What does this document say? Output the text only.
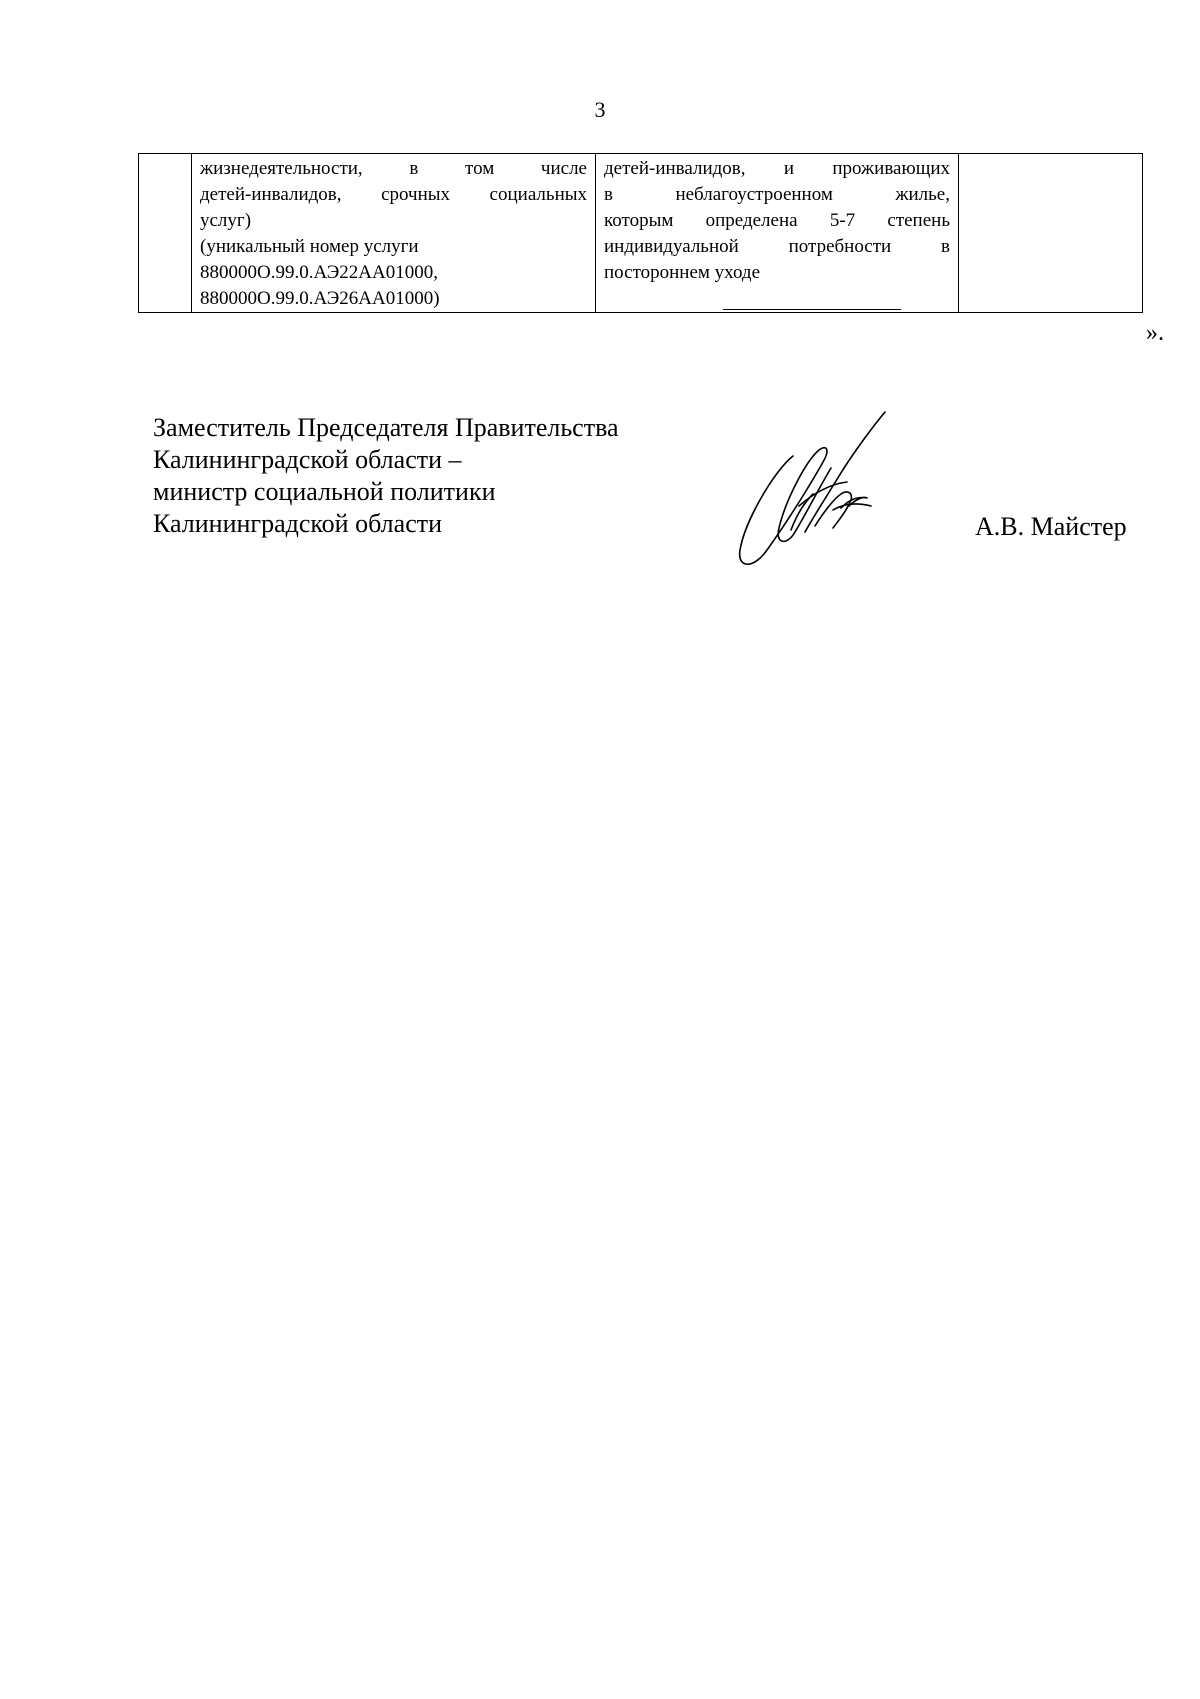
3

жизнедеятельности, в том числе
детей-инвалидов, срочных социальных
услуг)
(уникальный номер услуги
880000О.99.0.АЭ22АА01000,
880000О.99.0.АЭ26АА01000)

детей-инвалидов, и проживающих
в неблагоустроенном жилье,
которым определена 5-7 степень
индивидуальной потребности в
постороннем уходе

».
Заместитель Председателя Правительства
Калининградской области –
министр социальной политики
Калининградской области	А.В. Майстер
